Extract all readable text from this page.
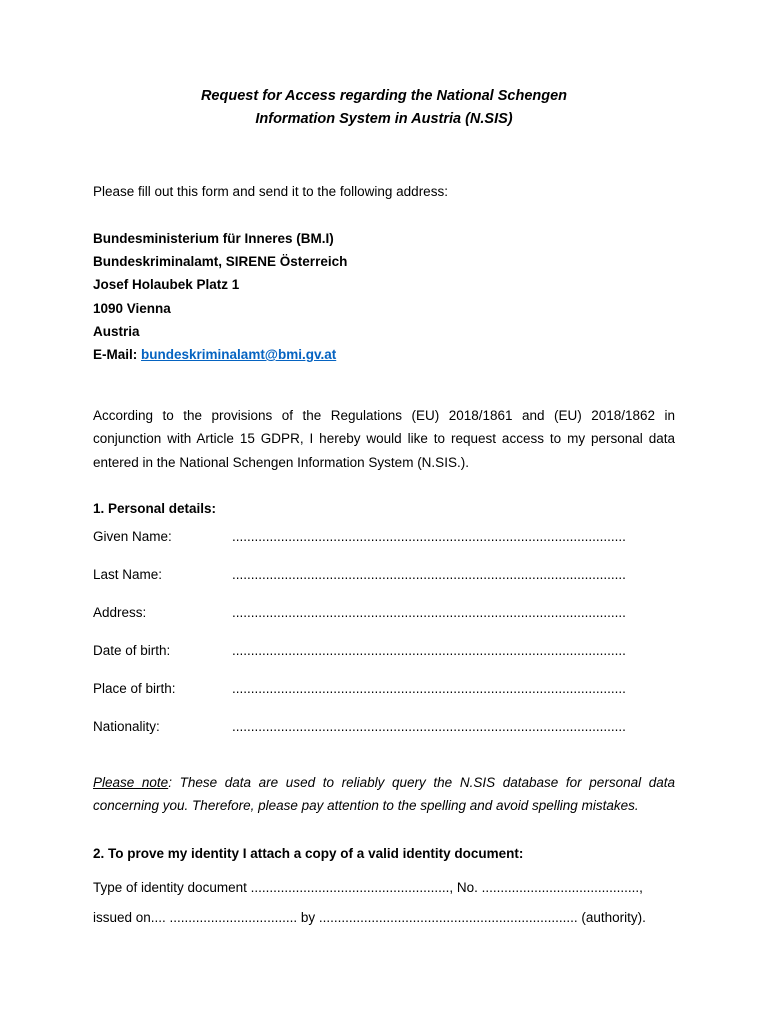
Request for Access regarding the National Schengen
Information System in Austria (N.SIS)

Please fill out this form and send it to the following address:

Bundesministerium für Inneres (BM.I)
Bundeskriminalamt, SIRENE Österreich
Josef Holaubek Platz 1
1090 Vienna
Austria
E-Mail: bundeskriminalamt@bmi.gv.at

According to the provisions of the Regulations (EU) 2018/1861 and (EU) 2018/1862 in conjunction with Article 15 GDPR, I hereby would like to request access to my personal data entered in the National Schengen Information System (N.SIS.).

1. Personal details:

Given Name:	.........................................................................................................
Last Name:	.........................................................................................................
Address:	.........................................................................................................
Date of birth:	.........................................................................................................
Place of birth:	.........................................................................................................
Nationality:	.........................................................................................................

Please note: These data are used to reliably query the N.SIS database for personal data concerning you. Therefore, please pay attention to the spelling and avoid spelling mistakes.

2. To prove my identity I attach a copy of a valid identity document:

Type of identity document ....................................................., No. ..........................................,
issued on.... .................................. by ..................................................................... (authority).
